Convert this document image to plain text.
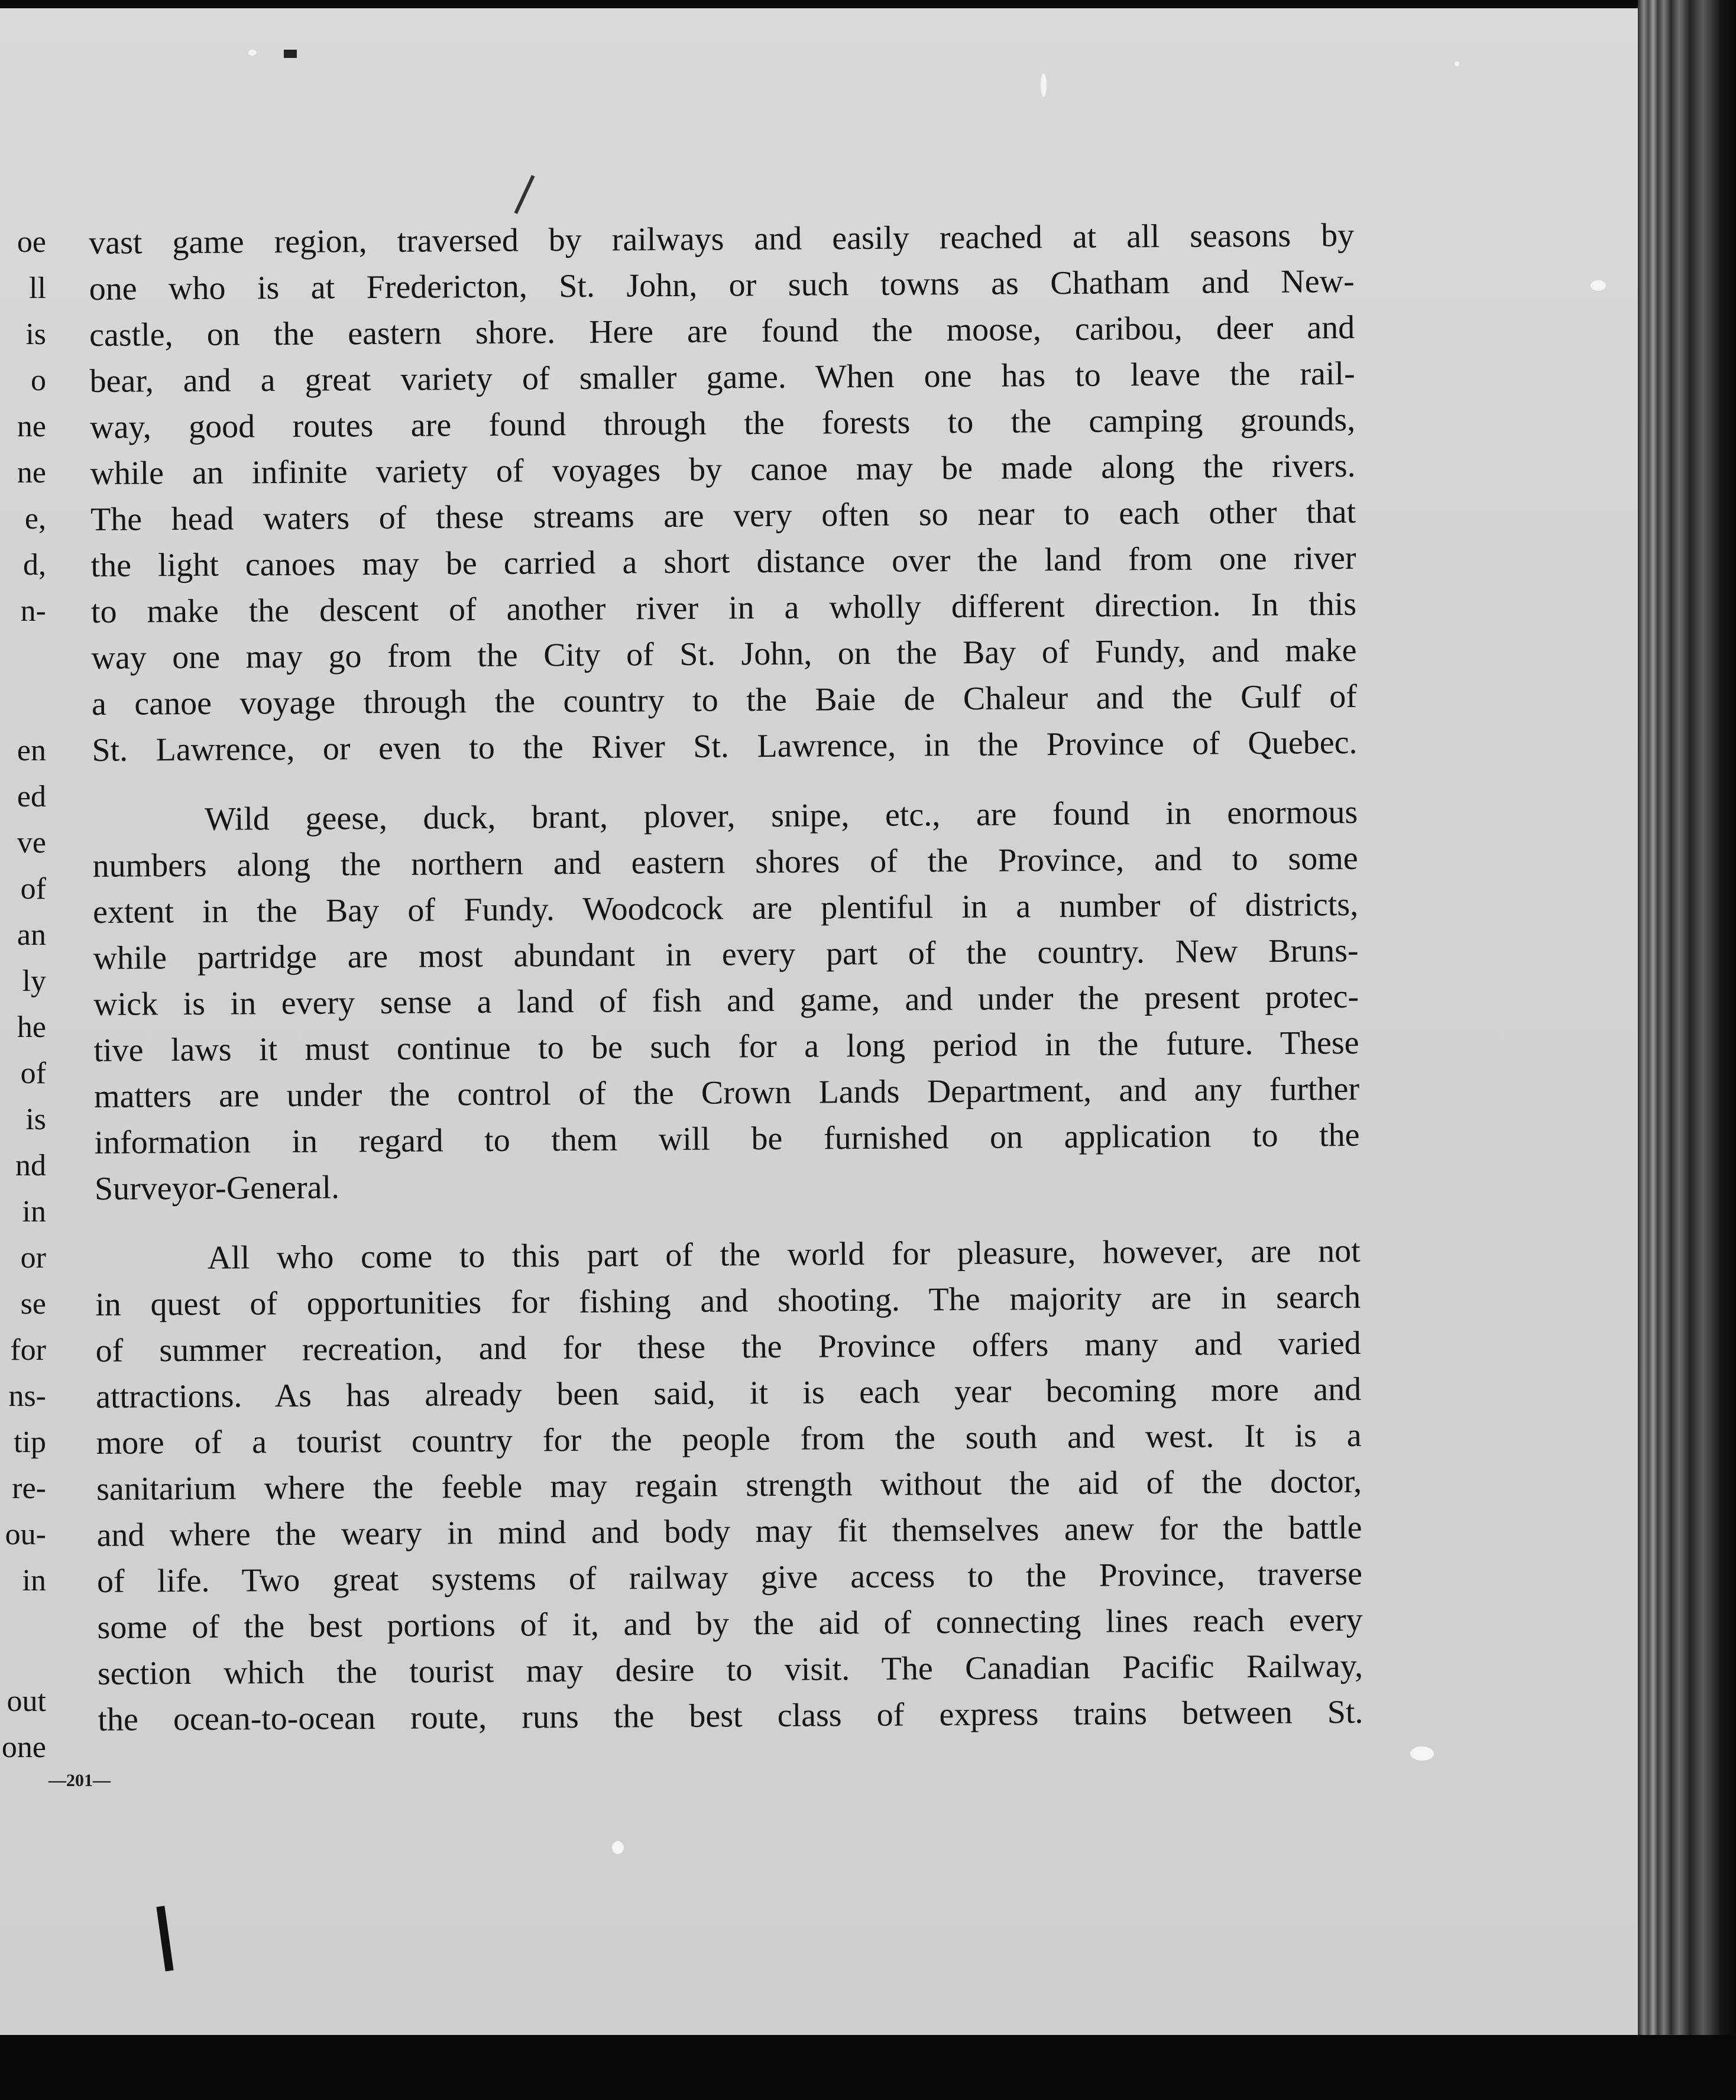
oe
ll
is
o
ne
ne
e,
d,
n-
en
ed
ve
of
an
ly
he
of
is
nd
in
or
se
for
ns-
tip
re-
ou-
in
out
one
vast game region, traversed by railways and easily reached at all seasons by
one who is at Fredericton, St. John, or such towns as Chatham and New-
castle, on the eastern shore. Here are found the moose, caribou, deer and
bear, and a great variety of smaller game. When one has to leave the rail-
way, good routes are found through the forests to the camping grounds,
while an infinite variety of voyages by canoe may be made along the rivers.
The head waters of these streams are very often so near to each other that
the light canoes may be carried a short distance over the land from one river
to make the descent of another river in a wholly different direction. In this
way one may go from the City of St. John, on the Bay of Fundy, and make
a canoe voyage through the country to the Baie de Chaleur and the Gulf of
St. Lawrence, or even to the River St. Lawrence, in the Province of Quebec.
Wild geese, duck, brant, plover, snipe, etc., are found in enormous
numbers along the northern and eastern shores of the Province, and to some
extent in the Bay of Fundy. Woodcock are plentiful in a number of districts,
while partridge are most abundant in every part of the country. New Bruns-
wick is in every sense a land of fish and game, and under the present protec-
tive laws it must continue to be such for a long period in the future. These
matters are under the control of the Crown Lands Department, and any further
information in regard to them will be furnished on application to the
Surveyor-General.
All who come to this part of the world for pleasure, however, are not
in quest of opportunities for fishing and shooting. The majority are in search
of summer recreation, and for these the Province offers many and varied
attractions. As has already been said, it is each year becoming more and
more of a tourist country for the people from the south and west. It is a
sanitarium where the feeble may regain strength without the aid of the doctor,
and where the weary in mind and body may fit themselves anew for the battle
of life. Two great systems of railway give access to the Province, traverse
some of the best portions of it, and by the aid of connecting lines reach every
section which the tourist may desire to visit. The Canadian Pacific Railway,
the ocean-to-ocean route, runs the best class of express trains between St.
—201—
